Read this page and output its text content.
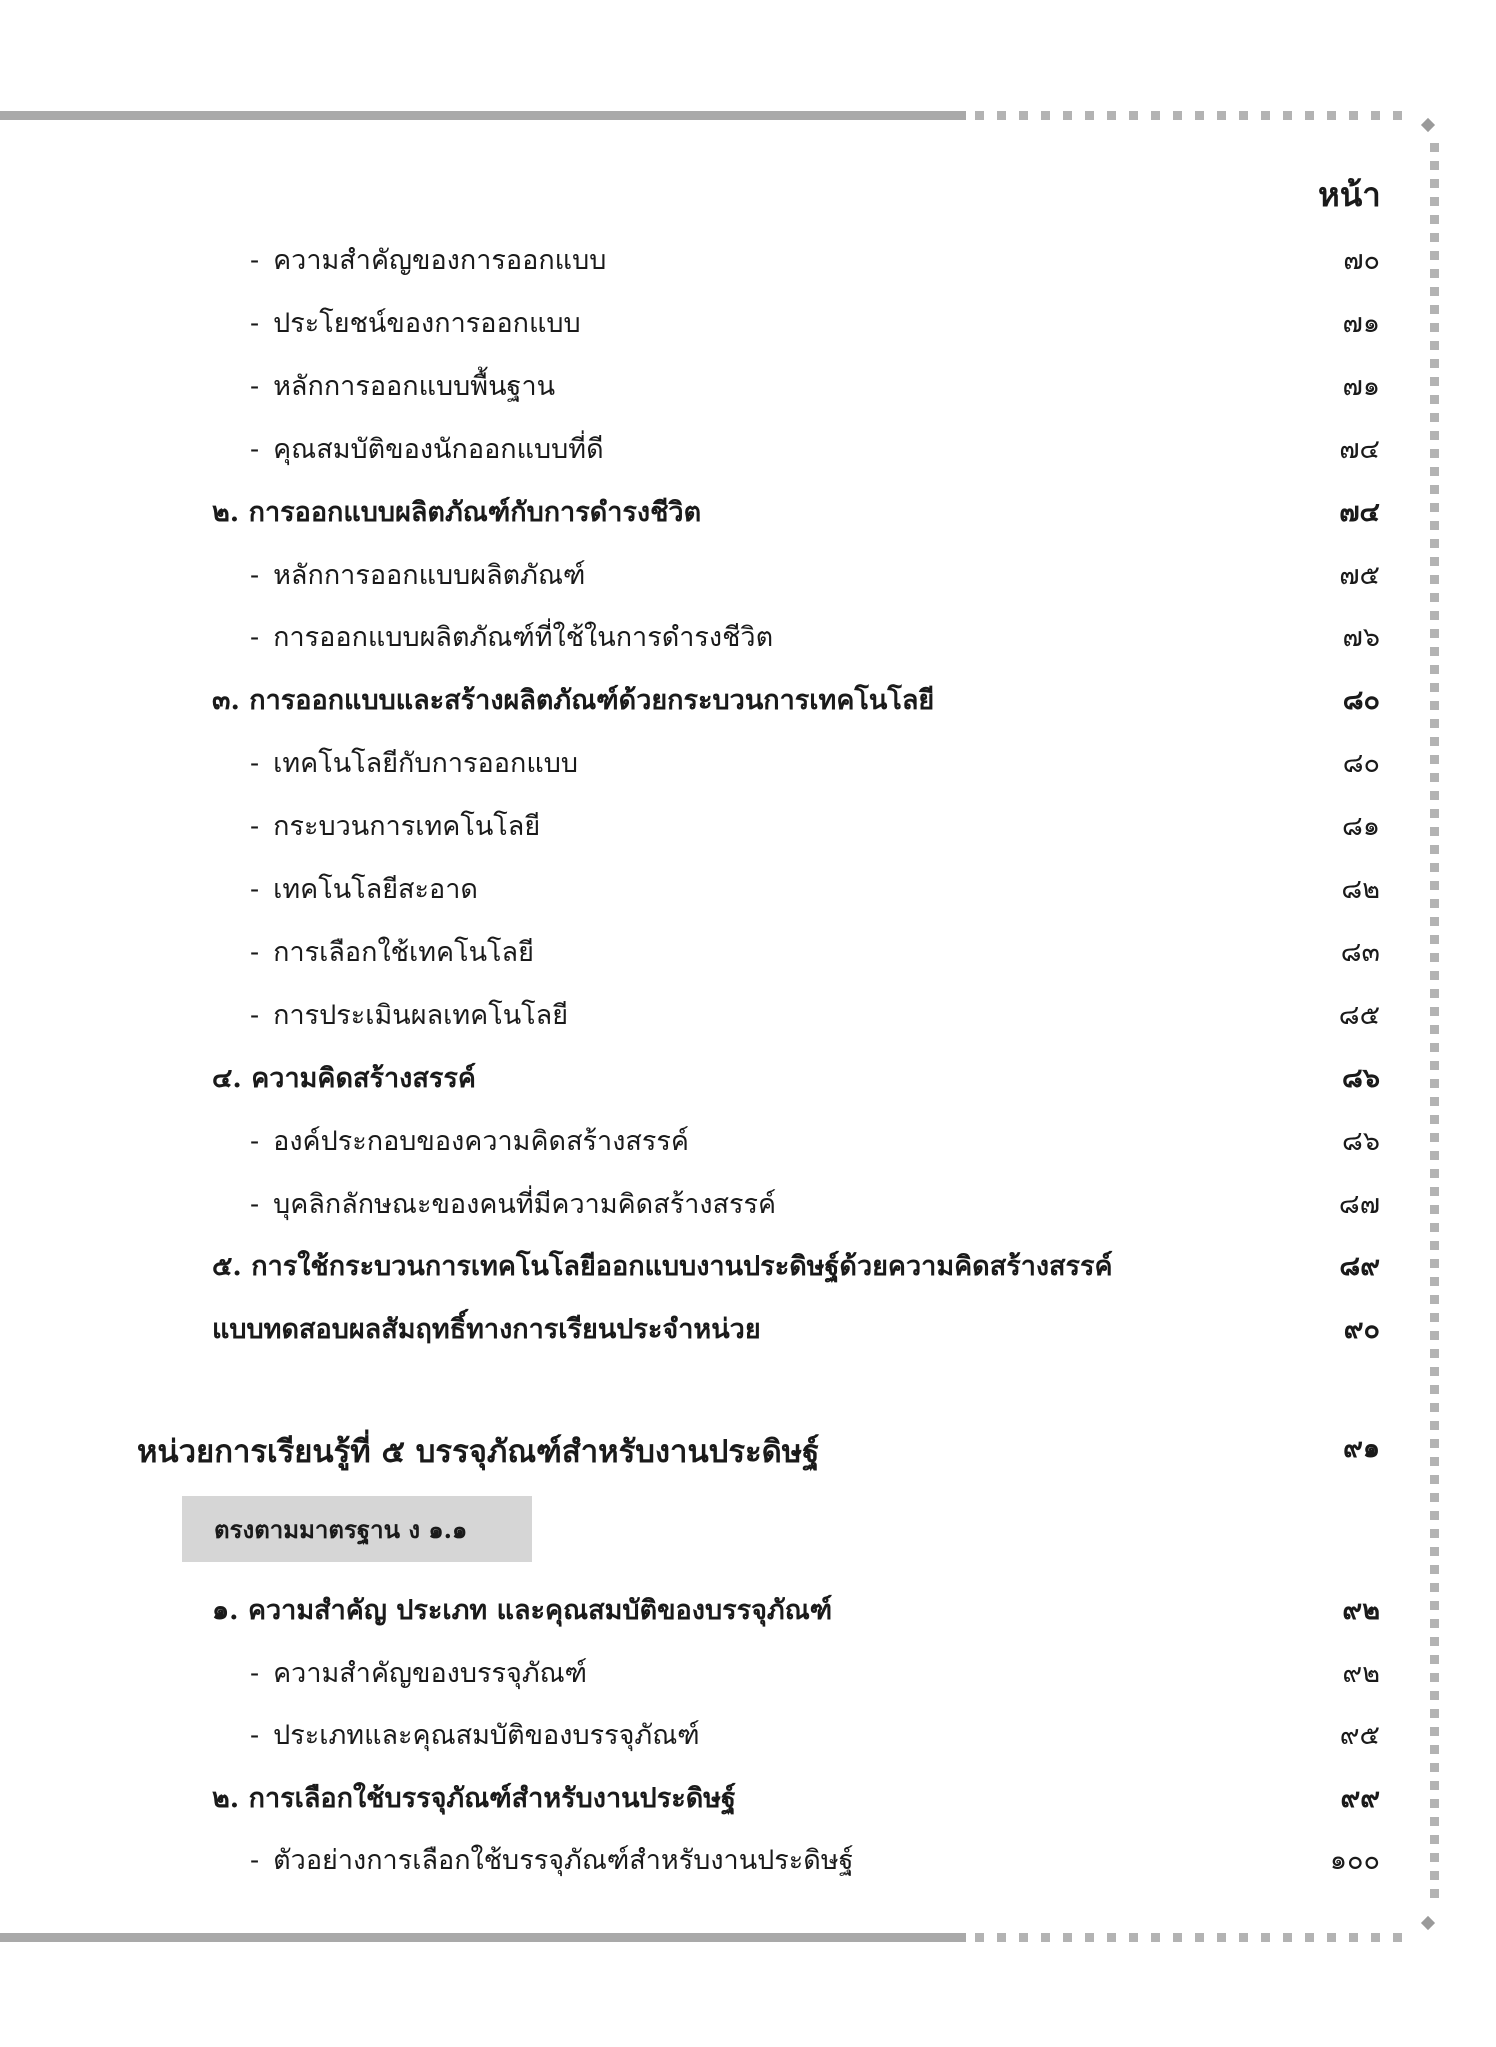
หน้า
- ความสำคัญของการออกแบบ	๗๐
- ประโยชน์ของการออกแบบ	๗๑
- หลักการออกแบบพื้นฐาน	๗๑
- คุณสมบัติของนักออกแบบที่ดี	๗๔
๒. การออกแบบผลิตภัณฑ์กับการดำรงชีวิต	๗๔
- หลักการออกแบบผลิตภัณฑ์	๗๕
- การออกแบบผลิตภัณฑ์ที่ใช้ในการดำรงชีวิต	๗๖
๓. การออกแบบและสร้างผลิตภัณฑ์ด้วยกระบวนการเทคโนโลยี	๘๐
- เทคโนโลยีกับการออกแบบ	๘๐
- กระบวนการเทคโนโลยี	๘๑
- เทคโนโลยีสะอาด	๘๒
- การเลือกใช้เทคโนโลยี	๘๓
- การประเมินผลเทคโนโลยี	๘๕
๔. ความคิดสร้างสรรค์	๘๖
- องค์ประกอบของความคิดสร้างสรรค์	๘๖
- บุคลิกลักษณะของคนที่มีความคิดสร้างสรรค์	๘๗
๕. การใช้กระบวนการเทคโนโลยีออกแบบงานประดิษฐ์ด้วยความคิดสร้างสรรค์	๘๙
แบบทดสอบผลสัมฤทธิ์ทางการเรียนประจำหน่วย	๙๐
หน่วยการเรียนรู้ที่ ๕ บรรจุภัณฑ์สำหรับงานประดิษฐ์	๙๑
ตรงตามมาตรฐาน ง ๑.๑
๑. ความสำคัญ ประเภท และคุณสมบัติของบรรจุภัณฑ์	๙๒
- ความสำคัญของบรรจุภัณฑ์	๙๒
- ประเภทและคุณสมบัติของบรรจุภัณฑ์	๙๕
๒. การเลือกใช้บรรจุภัณฑ์สำหรับงานประดิษฐ์	๙๙
- ตัวอย่างการเลือกใช้บรรจุภัณฑ์สำหรับงานประดิษฐ์	๑๐๐
